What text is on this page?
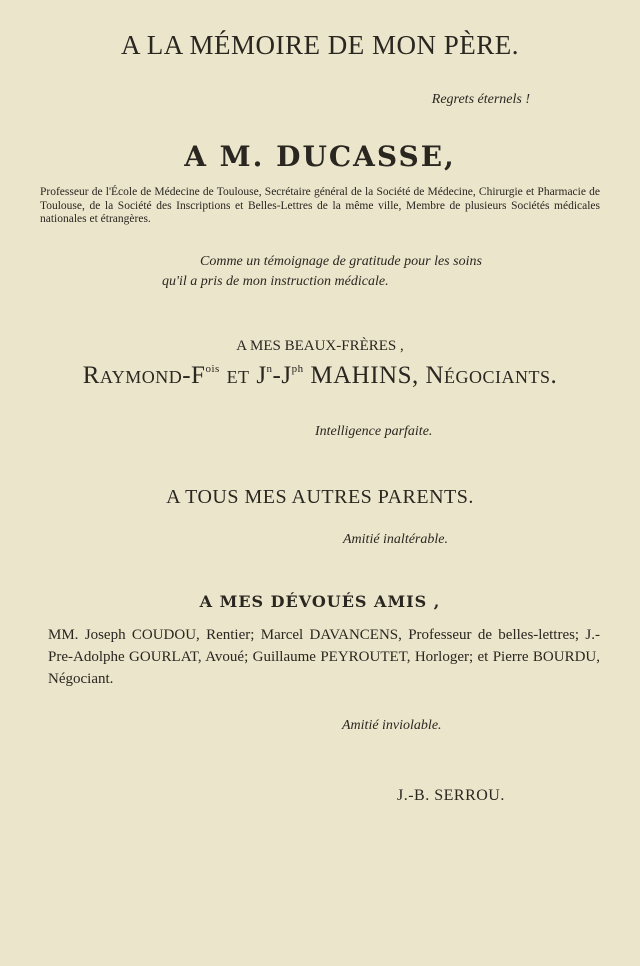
A LA MÉMOIRE DE MON PÈRE.
Regrets éternels !
A M. DUCASSE,
Professeur de l'École de Médecine de Toulouse, Secrétaire général de la Société de Médecine, Chirurgie et Pharmacie de Toulouse, de la Société des Inscriptions et Belles-Lettres de la même ville, Membre de plusieurs Sociétés médicales nationales et étrangères.
Comme un témoignage de gratitude pour les soins
qu'il a pris de mon instruction médicale.
A MES BEAUX-FRÈRES ,
Raymond-$F^{ois}$ et $J^n-J^{ph}$ MAHINS, Négociants.
Intelligence parfaite.
A TOUS MES AUTRES PARENTS.
Amitié inaltérable.
A MES DÉVOUÉS AMIS ,
MM. Joseph COUDOU, Rentier; Marcel DAVANCENS, Professeur de belles-lettres; J.-Pre-Adolphe GOURLAT, Avoué; Guillaume PEYROUTET, Horloger; et Pierre BOURDU, Négociant.
Amitié inviolable.
J.-B. SERROU.
